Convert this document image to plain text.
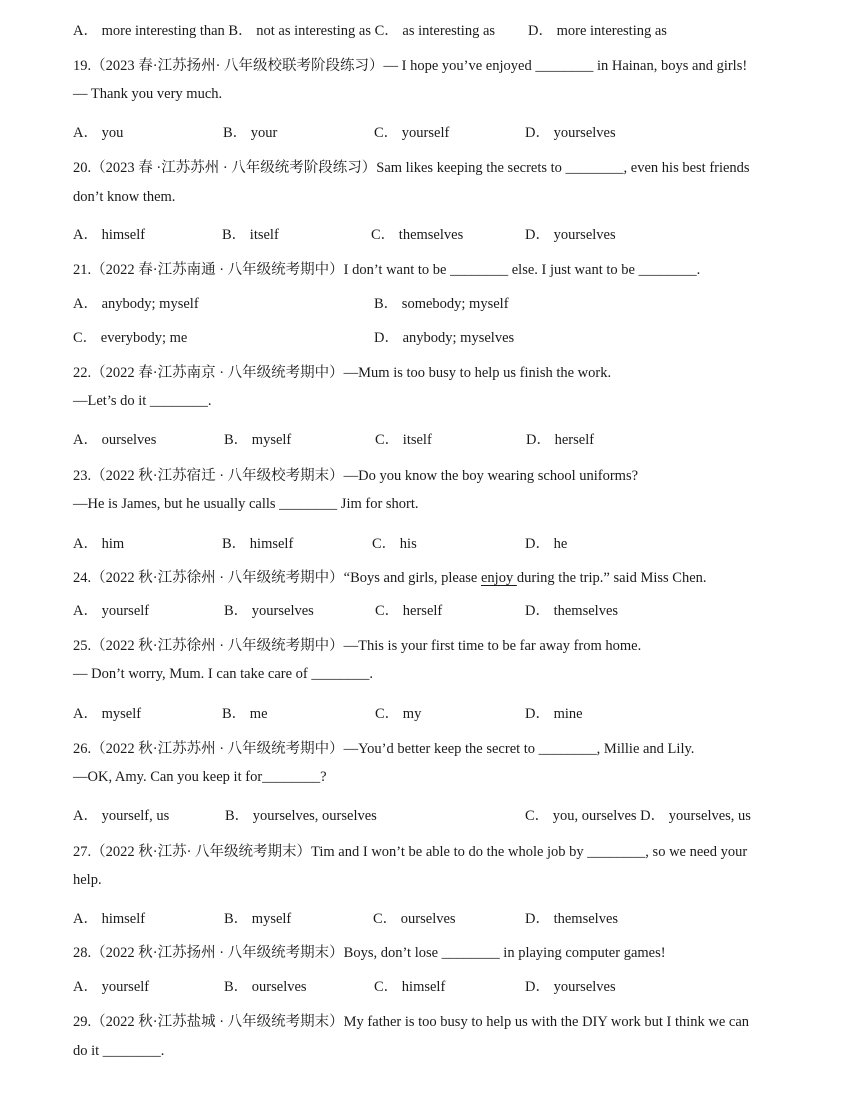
A． more interesting than B． not as interesting as C． as interesting as D． more interesting as
19.（2023 春·江苏扬州· 八年级校联考阶段练习）— I hope you’ve enjoyed ________ in Hainan, boys and girls!
— Thank you very much.
A． you	B． your	C． yourself	D． yourselves
20.（2023 春 ·江苏苏州 · 八年级统考阶段练习）Sam likes keeping the secrets to ________, even his best friends
don’t know them.
A． himself	B． itself	C． themselves	D． yourselves
21.（2022 春·江苏南通 · 八年级统考期中）I don’t want to be ________ else. I just want to be ________.
A． anybody; myself	B． somebody; myself
C． everybody; me	D． anybody; myselves
22.（2022 春·江苏南京 · 八年级统考期中）—Mum is too busy to help us finish the work.
—Let’s do it ________.
A． ourselves	B． myself	C． itself	D． herself
23.（2022 秋·江苏宿迁 · 八年级校考期末）—Do you know the boy wearing school uniforms?
—He is James, but he usually calls ________ Jim for short.
A． him	B． himself	C． his	D． he
24.（2022 秋·江苏徐州 · 八年级统考期中）“Boys and girls, please enjoy during the trip.” said Miss Chen.
A． yourself	B． yourselves	C． herself	D． themselves
25.（2022 秋·江苏徐州 · 八年级统考期中）—This is your first time to be far away from home.
— Don’t worry, Mum. I can take care of ________.
A． myself	B． me	C． my	D． mine
26.（2022 秋·江苏苏州 · 八年级统考期中）—You’d better keep the secret to ________, Millie and Lily.
—OK, Amy. Can you keep it for________?
A． yourself, us	B． yourselves, ourselves	C． you, ourselves D． yourselves, us
27.（2022 秋·江苏· 八年级统考期末）Tim and I won’t be able to do the whole job by ________, so we need your
help.
A． himself	B． myself	C． ourselves	D． themselves
28.（2022 秋·江苏扬州 · 八年级统考期末）Boys, don’t lose ________ in playing computer games!
A． yourself	B． ourselves	C． himself	D． yourselves
29.（2022 秋·江苏盐城 · 八年级统考期末）My father is too busy to help us with the DIY work but I think we can
do it ________.
